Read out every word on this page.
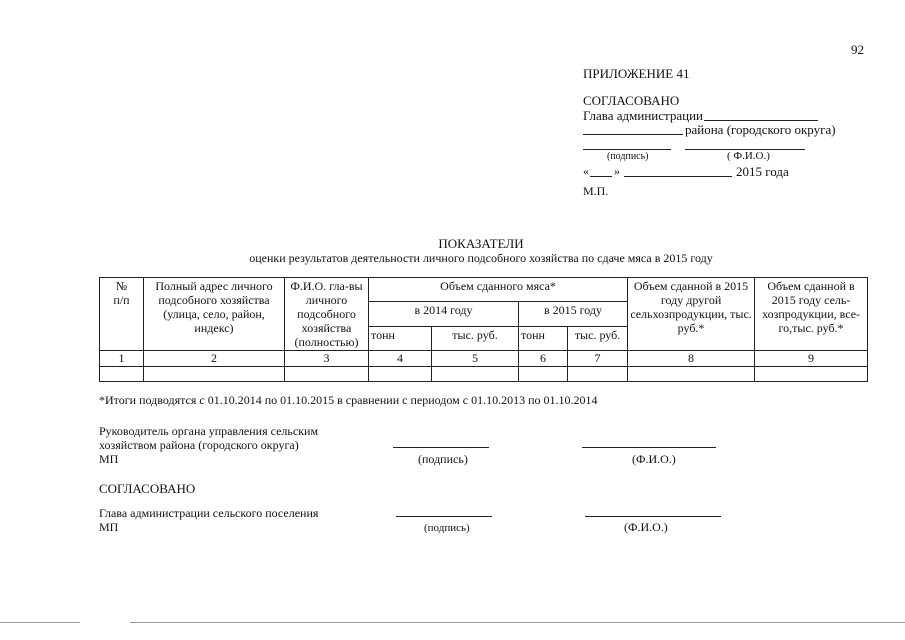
92
ПРИЛОЖЕНИЕ 41
СОГЛАСОВАНО
Глава администрации
района (городского округа)
(подпись)	( Ф.И.О.)
« »	2015 года
М.П.
ПОКАЗАТЕЛИ
оценки результатов деятельности личного подсобного хозяйства по сдаче мяса в 2015 году
№
п/п	Полный адрес личного подсобного хозяйства (улица, село, район, индекс)	Ф.И.О. гла-вы личного подсобного хозяйства (полностью)	Объем сданного мяса*				Объем сданной в 2015 году другой сельхозпродукции, тыс. руб.*	Объем сданной в 2015 году сель-хозпродукции, все-го,тыс. руб.*
			в 2014 году		в 2015 году			
			тонн	тыс. руб.	тонн	тыс. руб.		
1	2	3	4	5	6	7	8	9

*Итоги подводятся с 01.10.2014 по 01.10.2015 в сравнении с периодом с 01.10.2013 по 01.10.2014
Руководитель органа управления сельским
хозяйством района (городского округа)
МП	(подпись)	(Ф.И.О.)
СОГЛАСОВАНО
Глава администрации сельского поселения
МП	(подпись)	(Ф.И.О.)
